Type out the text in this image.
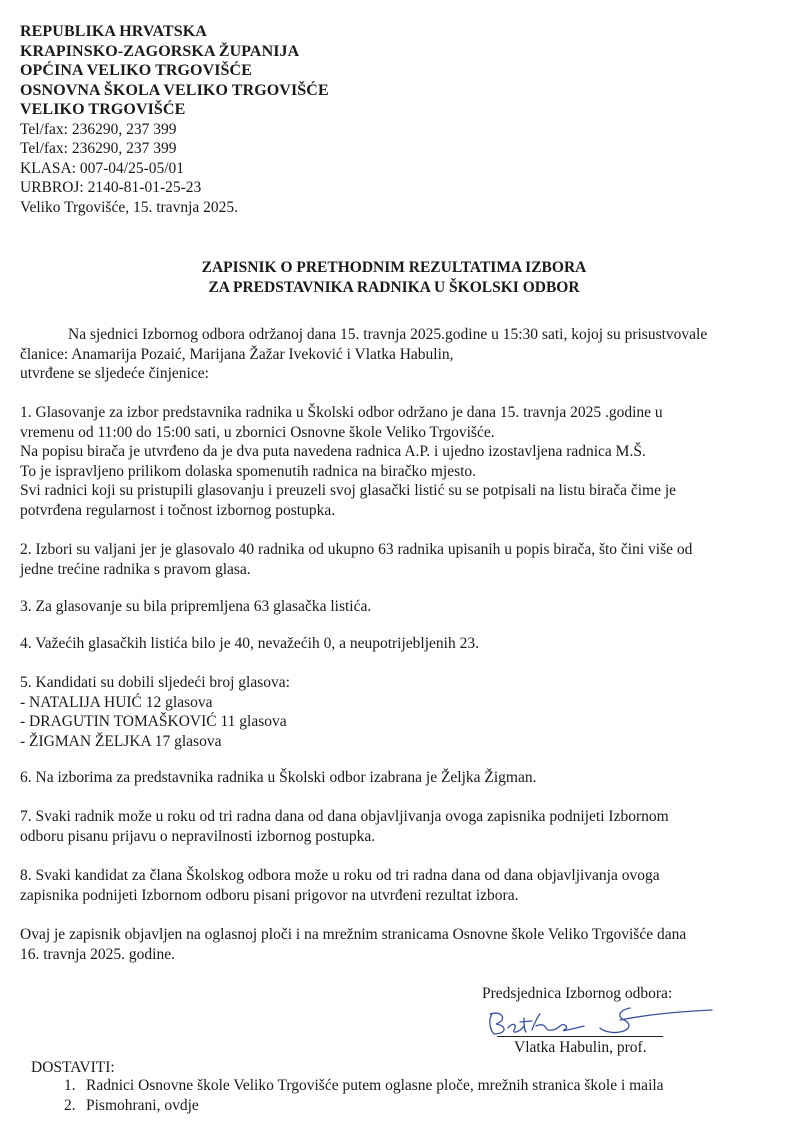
REPUBLIKA HRVATSKA
KRAPINSKO-ZAGORSKA ŽUPANIJA
OPĆINA VELIKO TRGOVIŠĆE
OSNOVNA ŠKOLA VELIKO TRGOVIŠĆE
VELIKO TRGOVIŠĆE
Tel/fax: 236290, 237 399
Tel/fax: 236290, 237 399
KLASA: 007-04/25-05/01
URBROJ: 2140-81-01-25-23
Veliko Trgovišće, 15. travnja 2025.
ZAPISNIK O PRETHODNIM REZULTATIMA IZBORA
ZA PREDSTAVNIKA RADNIKA U ŠKOLSKI ODBOR

Na sjednici Izbornog odbora održanoj dana 15. travnja 2025.godine u 15:30 sati, kojoj su prisustvovale

članice: Anamarija Pozaić, Marijana Žažar Iveković i Vlatka Habulin,

utvrđene se sljedeće činjenice:

1. Glasovanje za izbor predstavnika radnika u Školski odbor održano je dana 15. travnja 2025 .godine u

vremenu od 11:00 do 15:00 sati, u zbornici Osnovne škole Veliko Trgovišće.

Na popisu birača je utvrđeno da je dva puta navedena radnica A.P. i ujedno izostavljena radnica M.Š.

To je ispravljeno prilikom dolaska spomenutih radnica na biračko mjesto.

Svi radnici koji su pristupili glasovanju i preuzeli svoj glasački listić su se potpisali na listu birača čime je

potvrđena regularnost i točnost izbornog postupka.

2. Izbori su valjani jer je glasovalo 40 radnika od ukupno 63 radnika upisanih u popis birača, što čini više od

jedne trećine radnika s pravom glasa.

3. Za glasovanje su bila pripremljena 63 glasačka listića.

4. Važećih glasačkih listića bilo je 40, nevažećih 0, a neupotrijebljenih 23.

5. Kandidati su dobili sljedeći broj glasova:

- NATALIJA HUIĆ 12 glasova

- DRAGUTIN TOMAŠKOVIĆ 11 glasova

- ŽIGMAN ŽELJKA 17 glasova

6. Na izborima za predstavnika radnika u Školski odbor izabrana je Željka Žigman.

7. Svaki radnik može u roku od tri radna dana od dana objavljivanja ovoga zapisnika podnijeti Izbornom

odboru pisanu prijavu o nepravilnosti izbornog postupka.

8. Svaki kandidat za člana Školskog odbora može u roku od tri radna dana od dana objavljivanja ovoga

zapisnika podnijeti Izbornom odboru pisani prigovor na utvrđeni rezultat izbora.

Ovaj je zapisnik objavljen na oglasnoj ploči i na mrežnim stranicama Osnovne škole Veliko Trgovišće dana

16. travnja 2025. godine.

Predsjednica Izbornog odbora:
Vlatka Habulin, prof.
DOSTAVITI:
1. Radnici Osnovne škole Veliko Trgovišće putem oglasne ploče, mrežnih stranica škole i maila
2. Pismohrani, ovdje
